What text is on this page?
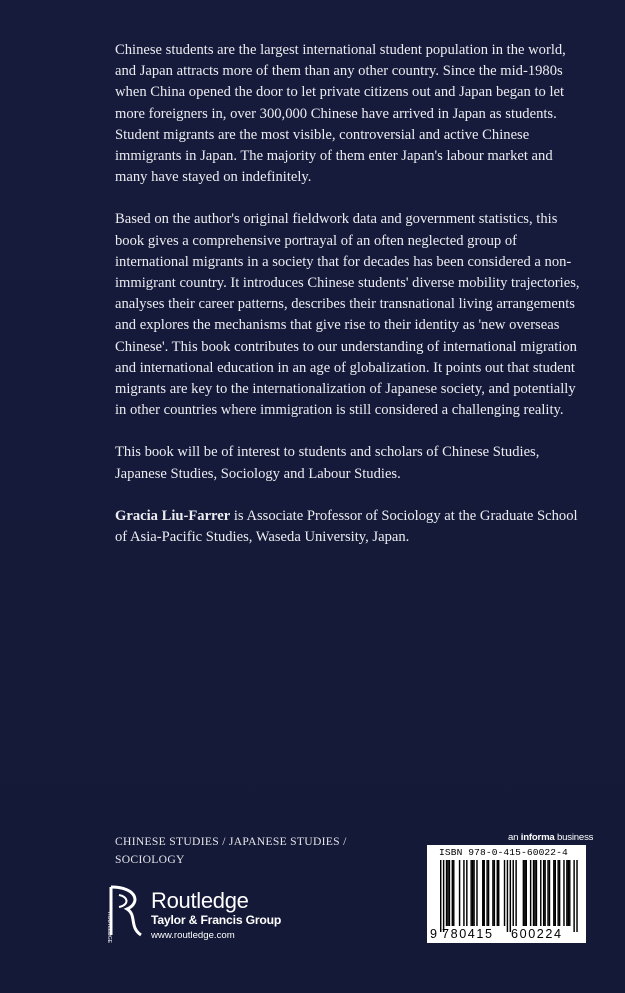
Chinese students are the largest international student population in the world, and Japan attracts more of them than any other country. Since the mid-1980s when China opened the door to let private citizens out and Japan began to let more foreigners in, over 300,000 Chinese have arrived in Japan as students. Student migrants are the most visible, controversial and active Chinese immigrants in Japan. The majority of them enter Japan's labour market and many have stayed on indefinitely.

Based on the author's original fieldwork data and government statistics, this book gives a comprehensive portrayal of an often neglected group of international migrants in a society that for decades has been considered a non-immigrant country. It introduces Chinese students' diverse mobility trajectories, analyses their career patterns, describes their transnational living arrangements and explores the mechanisms that give rise to their identity as 'new overseas Chinese'. This book contributes to our understanding of international migration and international education in an age of globalization. It points out that student migrants are key to the internationalization of Japanese society, and potentially in other countries where immigration is still considered a challenging reality.

This book will be of interest to students and scholars of Chinese Studies, Japanese Studies, Sociology and Labour Studies.

Gracia Liu-Farrer is Associate Professor of Sociology at the Graduate School of Asia-Pacific Studies, Waseda University, Japan.

CHINESE STUDIES / JAPANESE STUDIES /
SOCIOLOGY
ROUTLEDGE
Routledge
Taylor & Francis Group
www.routledge.com
an informa business
ISBN 978-0-415-60022-4
9 780415 600224
